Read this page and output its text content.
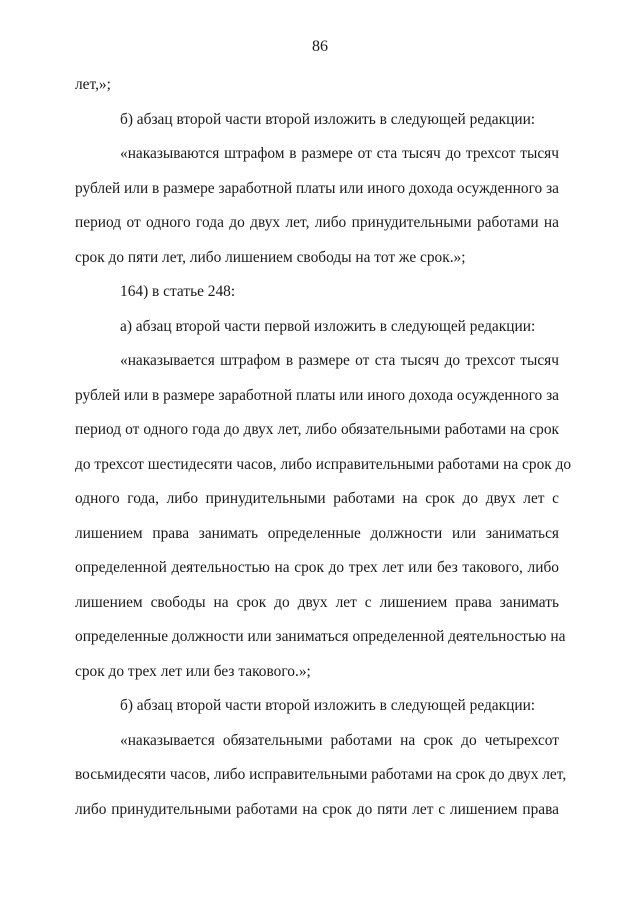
86
лет,»;
б) абзац второй части второй изложить в следующей редакции:
«наказываются штрафом в размере от ста тысяч до трехсот тысяч
рублей или в размере заработной платы или иного дохода осужденного за
период от одного года до двух лет, либо принудительными работами на
срок до пяти лет, либо лишением свободы на тот же срок.»;
164) в статье 248:
а) абзац второй части первой изложить в следующей редакции:
«наказывается штрафом в размере от ста тысяч до трехсот тысяч
рублей или в размере заработной платы или иного дохода осужденного за
период от одного года до двух лет, либо обязательными работами на срок
до трехсот шестидесяти часов, либо исправительными работами на срок до
одного года, либо принудительными работами на срок до двух лет с
лишением права занимать определенные должности или заниматься
определенной деятельностью на срок до трех лет или без такового, либо
лишением свободы на срок до двух лет с лишением права занимать
определенные должности или заниматься определенной деятельностью на
срок до трех лет или без такового.»;
б) абзац второй части второй изложить в следующей редакции:
«наказывается обязательными работами на срок до четырехсот
восьмидесяти часов, либо исправительными работами на срок до двух лет,
либо принудительными работами на срок до пяти лет с лишением права
